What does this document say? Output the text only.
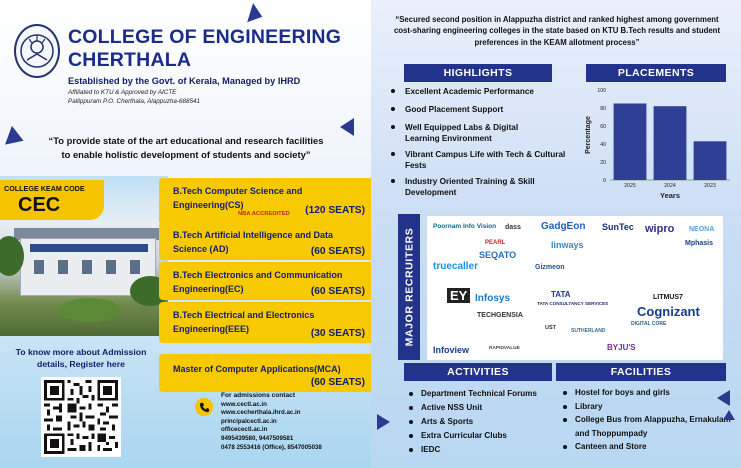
COLLEGE OF ENGINEERING
CHERTHALA
Established by the Govt. of Kerala, Managed by IHRD
Affiliated to KTU & Approved by AICTE
Pallippuram P.O. Cherthala, Alappuzha-688541
“To provide state of the art educational and research facilities
to enable holistic development of students and society”
COLLEGE KEAM CODE
CEC
B.Tech Computer Science and Engineering(CS)
NBA ACCREDITED (120 SEATS)
B.Tech Artificial Intelligence and Data Science (AD)	(60 SEATS)
B.Tech Electronics and Communication Engineering(EC)	(60 SEATS)
B.Tech Electrical and Electronics Engineering(EEE)	(30 SEATS)
Master of Computer Applications(MCA)
(60 SEATS)
To know more about Admission details, Register here
For admissions contact
www.cectl.ac.in
www.cecherthala.ihrd.ac.in
principalcectl.ac.in
officecectl.ac.in
9495439580, 9447509581
0478 2553416 (Office), 8547005038
“Secured second position in Alappuzha district and ranked highest among government cost-sharing engineering colleges in the state based on KTU B.Tech results and student preferences in the KEAM allotment process”
HIGHLIGHTS	PLACEMENTS
Excellent Academic Performance
Good Placement Support
Well Equipped Labs & Digital Learning Environment
Vibrant Campus Life with Tech & Cultural Fests
Industry Oriented Training & Skill Development
0
20
40
60
80
100
2025	2024	2023
Percentage
Years
MAJOR RECRUITERS
Poornam Info Vision dass GadgEon SunTec wipro NEONA
PEARL	Mphasis
SEQATO
linways
truecaller	Gizmeon
Infosys	TATA CONSULTANCY SERVICES
TECHGENSIA
LITMUS7
Cognizant
EY	TATA
BYJU'S
DIGITAL CORE
SUTHERLAND
Infoview	RAPIDVALUE
UST
ACTIVITIES	FACILITIES
Department Technical Forums
Active NSS Unit
Arts & Sports
Extra Curricular Clubs
IEDC
Hostel for boys and girls
Library
College Bus from Alappuzha, Ernakulam and Thoppumpady
Canteen and Store
